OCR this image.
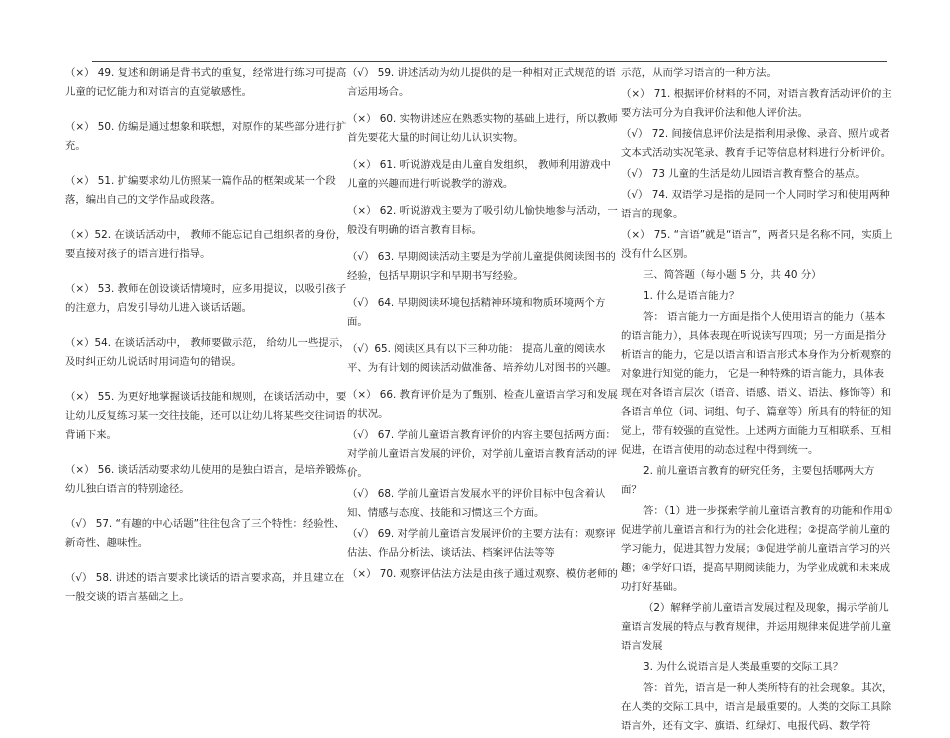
（×） 49. 复述和朗诵是背书式的重复，经常进行练习可提高儿童的记忆能力和对语言的直觉敏感性。

（×） 50. 仿编是通过想象和联想，对原作的某些部分进行扩充。

（×） 51. 扩编要求幼儿仿照某一篇作品的框架或某一个段落，编出自己的文学作品或段落。

（×）52. 在谈话活动中， 教师不能忘记自己组织者的身份，要直接对孩子的语言进行指导。

（×） 53. 教师在创设谈话情境时，应多用提议，以吸引孩子的注意力，启发引导幼儿进入谈话话题。

（×）54. 在谈话活动中， 教师要做示范， 给幼儿一些提示，及时纠正幼儿说话时用词造句的错误。

（×） 55. 为更好地掌握谈话技能和规则，在谈话活动中，要让幼儿反复练习某一交往技能，还可以让幼儿将某些交往词语背诵下来。

（×） 56. 谈话活动要求幼儿使用的是独白语言，是培养锻炼幼儿独白语言的特别途径。

（√） 57. “有趣的中心话题”往往包含了三个特性：经验性、新奇性、趣味性。

（√） 58. 讲述的语言要求比谈话的语言要求高，并且建立在一般交谈的语言基础之上。

（√） 59. 讲述活动为幼儿提供的是一种相对正式规范的语言运用场合。

（×） 60. 实物讲述应在熟悉实物的基础上进行，所以教师首先要花大量的时间让幼儿认识实物。

（×） 61. 听说游戏是由儿童自发组织， 教师利用游戏中儿童的兴趣而进行听说教学的游戏。

（×） 62. 听说游戏主要为了吸引幼儿愉快地参与活动，一般没有明确的语言教育目标。

（√） 63. 早期阅读活动主要是为学前儿童提供阅读图书的经验，包括早期识字和早期书写经验。

（√） 64. 早期阅读环境包括精神环境和物质环境两个方面。

（√）65. 阅读区具有以下三种功能： 提高儿童的阅读水平、为有计划的阅读活动做准备、培养幼儿对图书的兴趣。

（×） 66. 教育评价是为了甄别、检查儿童语言学习和发展的状况。

（√） 67. 学前儿童语言教育评价的内容主要包括两方面：对学前儿童语言发展的评价，对学前儿童语言教育活动的评价。

（√） 68. 学前儿童语言发展水平的评价目标中包含着认知、情感与态度、技能和习惯这三个方面。

（√） 69. 对学前儿童语言发展评价的主要方法有：观察评估法、作品分析法、谈话法、档案评估法等等

（×） 70. 观察评估法方法是由孩子通过观察、模仿老师的

示范，从而学习语言的一种方法。

（×） 71. 根据评价材料的不同，对语言教育活动评价的主要方法可分为自我评价法和他人评价法。

（√） 72. 间接信息评价法是指利用录像、录音、照片或者文本式活动实况笔录、教育手记等信息材料进行分析评价。

（√） 73 儿童的生活是幼儿园语言教育整合的基点。

（√） 74. 双语学习是指的是同一个人同时学习和使用两种语言的现象。

（×） 75. “言语”就是“语言”，两者只是名称不同，实质上没有什么区别。

三、简答题（每小题 5 分，共 40 分）

1. 什么是语言能力？

答： 语言能力一方面是指个人使用语言的能力（基本的语言能力），具体表现在听说读写四项；另一方面是指分析语言的能力，它是以语言和语言形式本身作为分析观察的对象进行知觉的能力， 它是一种特殊的语言能力，具体表现在对各语言层次（语音、语感、语义、语法、修饰等）和各语言单位（词、词组、句子、篇章等）所具有的特征的知觉上，带有较强的直觉性。上述两方面能力互相联系、互相促进，在语言使用的动态过程中得到统一。

2. 前儿童语言教育的研究任务，主要包括哪两大方面？

答：（1）进一步探索学前儿童语言教育的功能和作用①促进学前儿童语言和行为的社会化进程；②提高学前儿童的学习能力，促进其智力发展；③促进学前儿童语言学习的兴趣；④学好口语，提高早期阅读能力，为学业成就和未来成功打好基础。

（2）解释学前儿童语言发展过程及现象，揭示学前儿童语言发展的特点与教育规律，并运用规律来促进学前儿童语言发展

3. 为什么说语言是人类最重要的交际工具？

答：首先，语言是一种人类所特有的社会现象。其次，在人类的交际工具中，语言是最重要的。人类的交际工具除语言外，还有文字、旗语、红绿灯、电报代码、数学符
